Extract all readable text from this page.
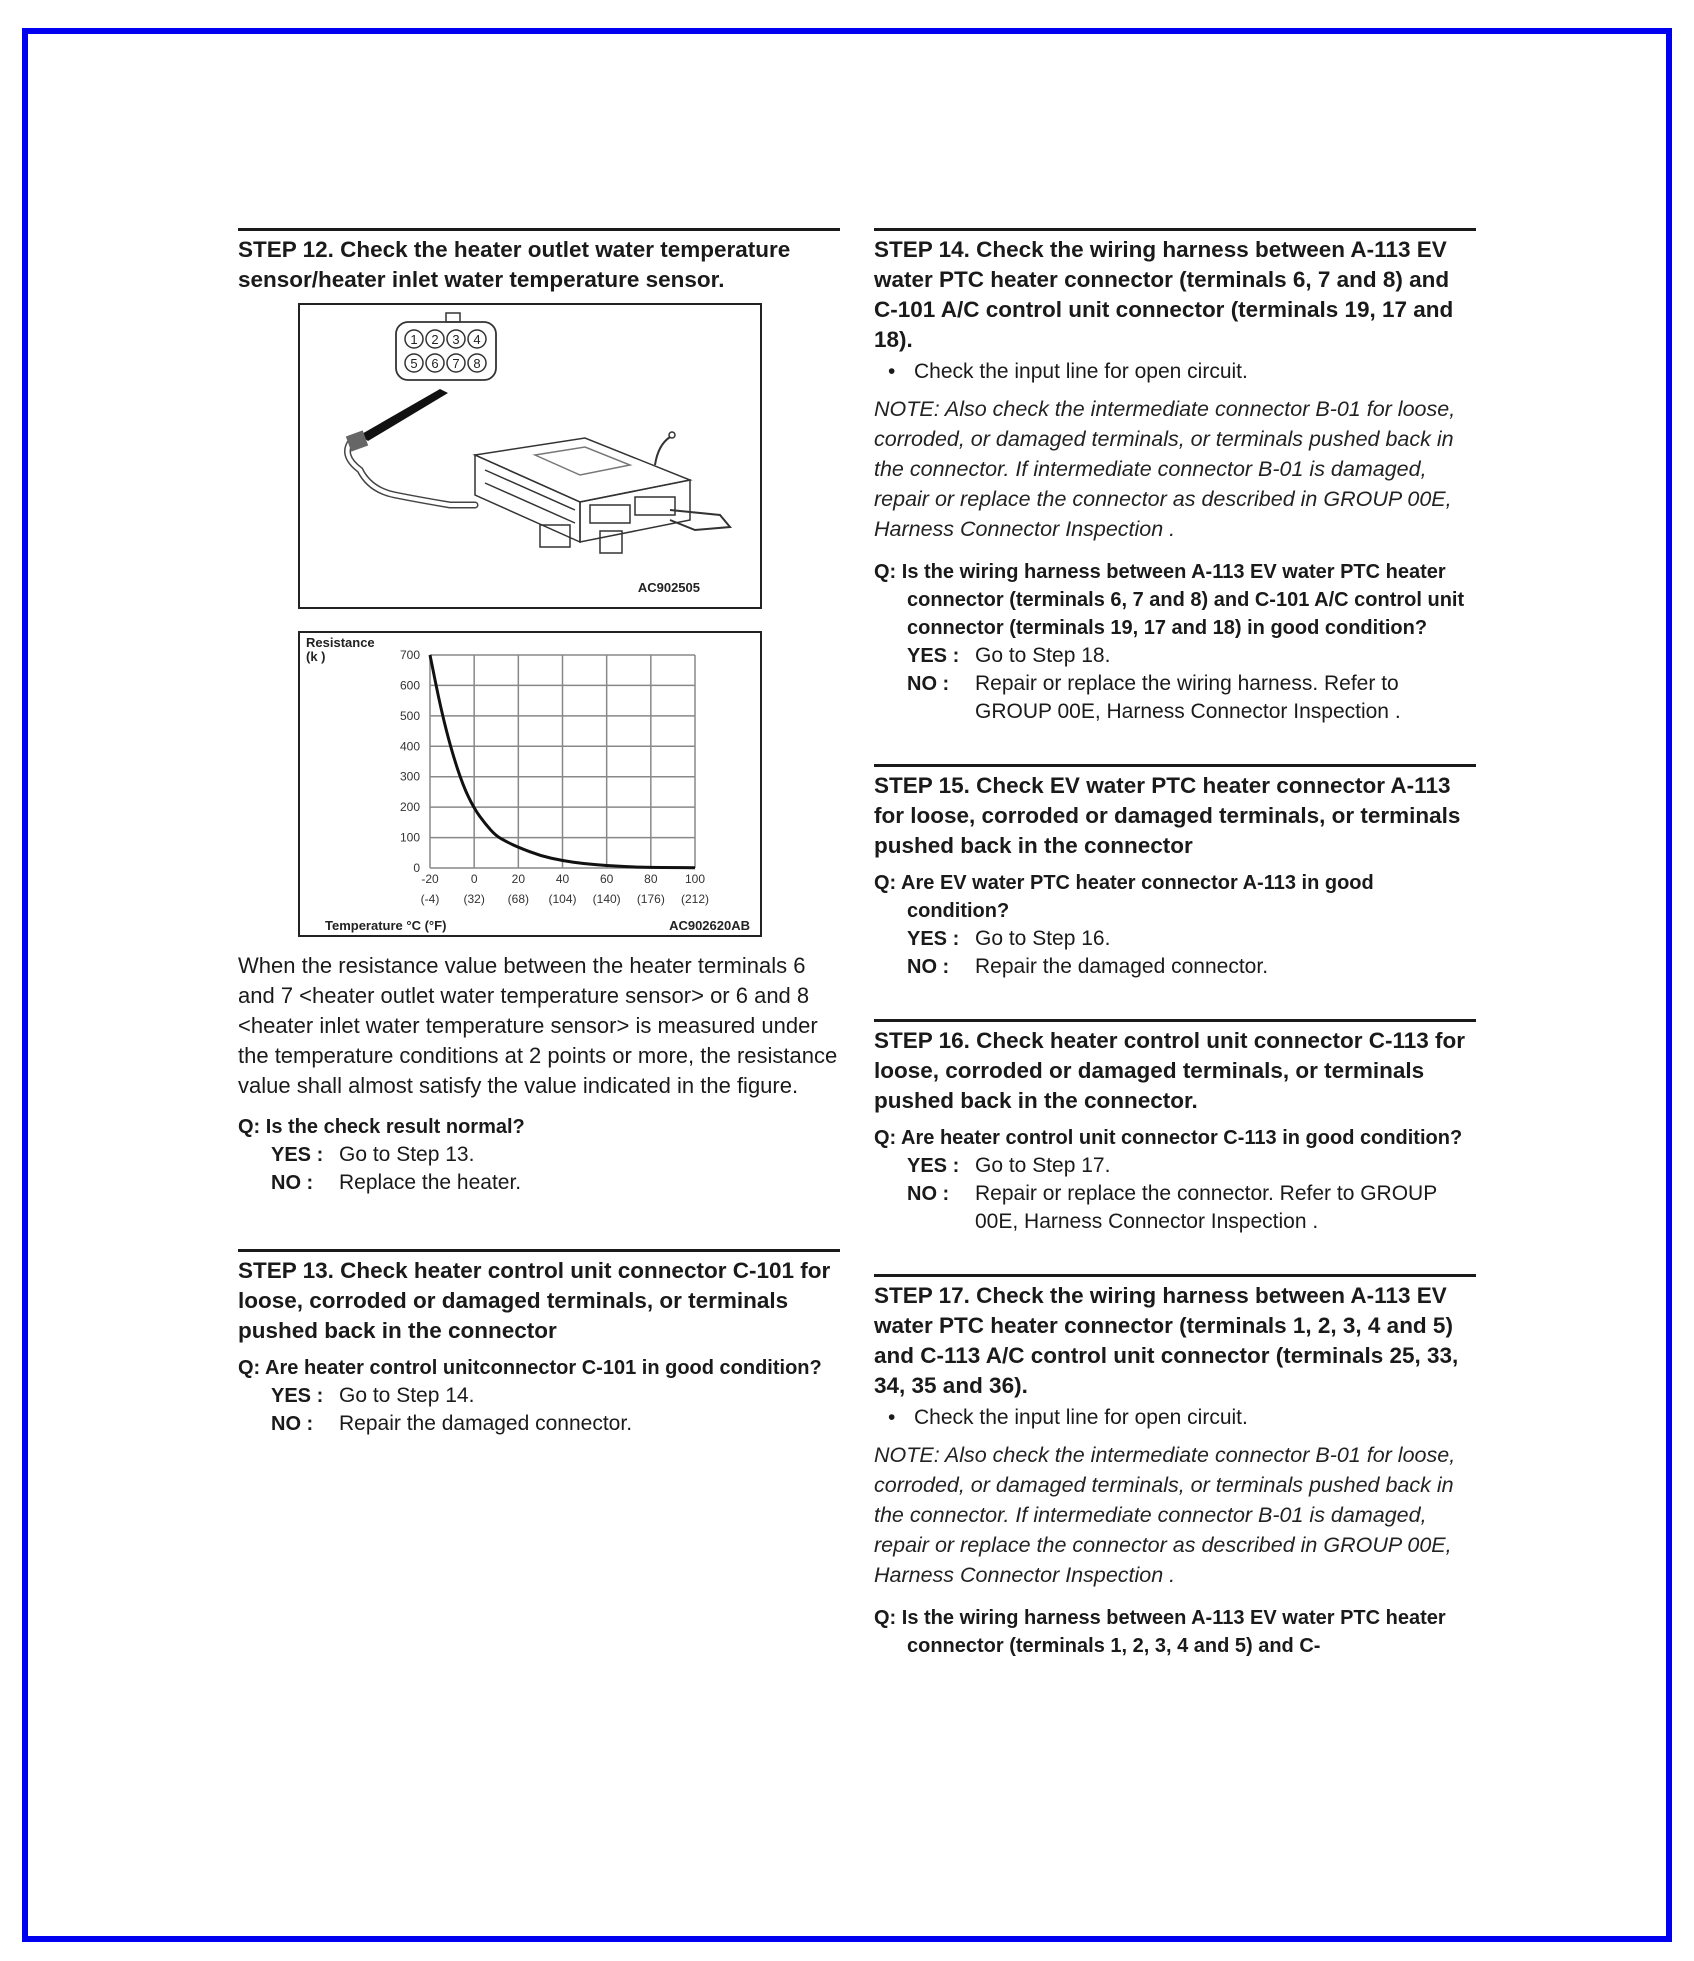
STEP 12. Check the heater outlet water temperature sensor/heater inlet water temperature sensor.
1 2 3 4
5 6 7 8
AC902505
Resistance
(k )
0
100
200
300
400
500
600
700
-20
(-4)
0
(32)
20
(68)
40
(104)
60
(140)
80
(176)
100
(212)
Temperature °C (°F)	AC902620AB
When the resistance value between the heater terminals 6 and 7 <heater outlet water temperature sensor> or 6 and 8 <heater inlet water temperature sensor> is measured under the temperature conditions at 2 points or more, the resistance value shall almost satisfy the value indicated in the figure.
Q: Is the check result normal?
YES : Go to Step 13.
NO :	Replace the heater.
STEP 13. Check heater control unit connector C-101 for loose, corroded or damaged terminals, or terminals pushed back in the connector
Q: Are heater control unitconnector C-101 in good condition?
YES : Go to Step 14.
NO :	Repair the damaged connector.
STEP 14. Check the wiring harness between A-113 EV water PTC heater connector (terminals 6, 7 and 8) and C-101 A/C control unit connector (terminals 19, 17 and 18).
• Check the input line for open circuit.
NOTE: Also check the intermediate connector B-01 for loose, corroded, or damaged terminals, or terminals pushed back in the connector. If intermediate connector B-01 is damaged, repair or replace the connector as described in GROUP 00E, Harness Connector Inspection .
Q: Is the wiring harness between A-113 EV water PTC heater connector (terminals 6, 7 and 8) and C-101 A/C control unit connector (terminals 19, 17 and 18) in good condition?
YES : Go to Step 18.
NO :	Repair or replace the wiring harness. Refer to GROUP 00E, Harness Connector Inspection .
STEP 15. Check EV water PTC heater connector A-113 for loose, corroded or damaged terminals, or terminals pushed back in the connector
Q: Are EV water PTC heater connector A-113 in good condition?
YES : Go to Step 16.
NO :	Repair the damaged connector.
STEP 16. Check heater control unit connector C-113 for loose, corroded or damaged terminals, or terminals pushed back in the connector.
Q: Are heater control unit connector C-113 in good condition?
YES : Go to Step 17.
NO :	Repair or replace the connector. Refer to GROUP 00E, Harness Connector Inspection .
STEP 17. Check the wiring harness between A-113 EV water PTC heater connector (terminals 1, 2, 3, 4 and 5) and C-113 A/C control unit connector (terminals 25, 33, 34, 35 and 36).
• Check the input line for open circuit.
NOTE: Also check the intermediate connector B-01 for loose, corroded, or damaged terminals, or terminals pushed back in the connector. If intermediate connector B-01 is damaged, repair or replace the connector as described in GROUP 00E, Harness Connector Inspection .
Q: Is the wiring harness between A-113 EV water PTC heater connector (terminals 1, 2, 3, 4 and 5) and C-
